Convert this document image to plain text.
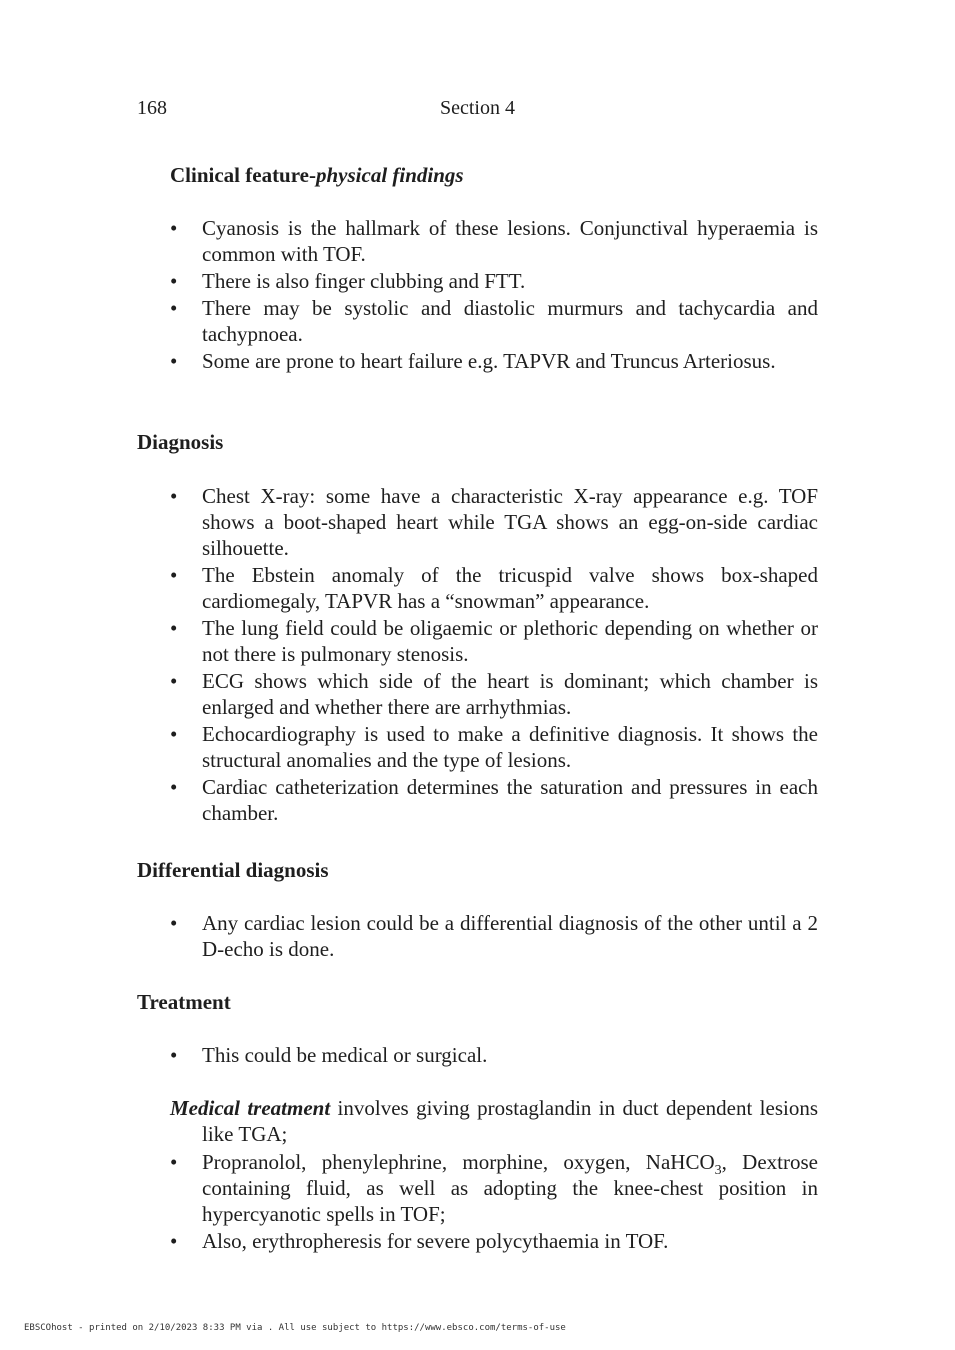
168	Section 4
Clinical feature-physical findings
• Cyanosis is the hallmark of these lesions. Conjunctival hyperaemia is common with TOF.
• There is also finger clubbing and FTT.
• There may be systolic and diastolic murmurs and tachycardia and tachypnoea.
• Some are prone to heart failure e.g. TAPVR and Truncus Arteriosus.
Diagnosis
• Chest X-ray: some have a characteristic X-ray appearance e.g. TOF shows a boot-shaped heart while TGA shows an egg-on-side cardiac silhouette.
• The Ebstein anomaly of the tricuspid valve shows box-shaped cardiomegaly, TAPVR has a “snowman” appearance.
• The lung field could be oligaemic or plethoric depending on whether or not there is pulmonary stenosis.
• ECG shows which side of the heart is dominant; which chamber is enlarged and whether there are arrhythmias.
• Echocardiography is used to make a definitive diagnosis. It shows the structural anomalies and the type of lesions.
• Cardiac catheterization determines the saturation and pressures in each chamber.
Differential diagnosis
• Any cardiac lesion could be a differential diagnosis of the other until a 2 D-echo is done.
Treatment
• This could be medical or surgical.
Medical treatment involves giving prostaglandin in duct dependent lesions like TGA;
• Propranolol, phenylephrine, morphine, oxygen, NaHCO$_3$, Dextrose containing fluid, as well as adopting the knee-chest position in hypercyanotic spells in TOF;
• Also, erythropheresis for severe polycythaemia in TOF.
EBSCOhost - printed on 2/10/2023 8:33 PM via . All use subject to https://www.ebsco.com/terms-of-use
